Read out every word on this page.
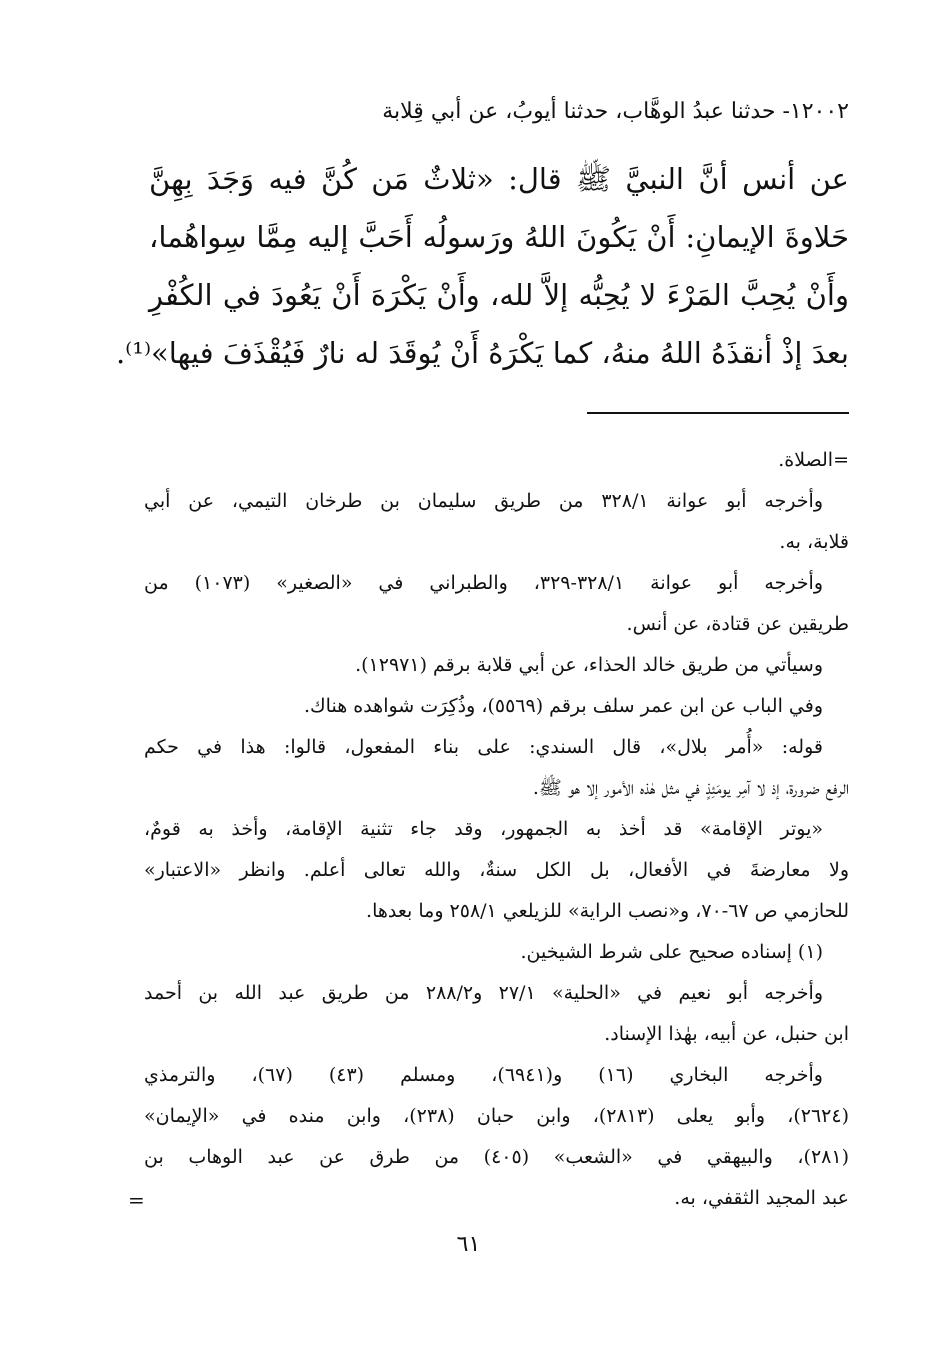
١٢٠٠٢- حدثنا عبدُ الوهَّاب، حدثنا أيوبُ، عن أبي قِلابة
عن أنس أنَّ النبيَّ ﷺ قال: «ثلاثٌ مَن كُنَّ فيه وَجَدَ بِهِنَّ
حَلاوةَ الإيمانِ: أَنْ يَكُونَ اللهُ ورَسولُه أَحَبَّ إليه مِمَّا سِواهُما،
وأَنْ يُحِبَّ المَرْءَ لا يُحِبُّه إلاَّ لله، وأَنْ يَكْرَهَ أَنْ يَعُودَ في الكُفْرِ
بعدَ إذْ أنقذَهُ اللهُ منهُ، كما يَكْرَهُ أَنْ يُوقَدَ له نارٌ فَيُقْذَفَ فيها»⁽¹⁾.
=الصلاة.
وأخرجه أبو عوانة ٣٢٨/١ من طريق سليمان بن طرخان التيمي، عن أبي
قلابة، به.
وأخرجه أبو عوانة ٣٢٨/١-٣٢٩، والطبراني في «الصغير» (١٠٧٣) من
طريقين عن قتادة، عن أنس.
وسيأتي من طريق خالد الحذاء، عن أبي قلابة برقم (١٢٩٧١).
وفي الباب عن ابن عمر سلف برقم (٥٥٦٩)، وذُكِرَت شواهده هناك.
قوله: «أُمر بلال»، قال السندي: على بناء المفعول، قالوا: هذا في حكم
الرفع ضرورة، إذ لا آمِر يومَئِذٍ في مثل هٰذه الأمور إلا هو ﷺ.
«يوتر الإقامة» قد أخذ به الجمهور، وقد جاء تثنية الإقامة، وأخذ به قومٌ،
ولا معارضةَ في الأفعال، بل الكل سنةٌ، والله تعالى أعلم. وانظر «الاعتبار»
للحازمي ص ٦٧-٧٠، و«نصب الراية» للزيلعي ٢٥٨/١ وما بعدها.
(١) إسناده صحيح على شرط الشيخين.
وأخرجه أبو نعيم في «الحلية» ٢٧/١ و٢٨٨/٢ من طريق عبد الله بن أحمد
ابن حنبل، عن أبيه، بهٰذا الإسناد.
وأخرجه البخاري (١٦) و(٦٩٤١)، ومسلم (٤٣) (٦٧)، والترمذي
(٢٦٢٤)، وأبو يعلى (٢٨١٣)، وابن حبان (٢٣٨)، وابن منده في «الإيمان»
(٢٨١)، والبيهقي في «الشعب» (٤٠٥) من طرق عن عبد الوهاب بن
عبد المجيد الثقفي، به.
=
٦١
